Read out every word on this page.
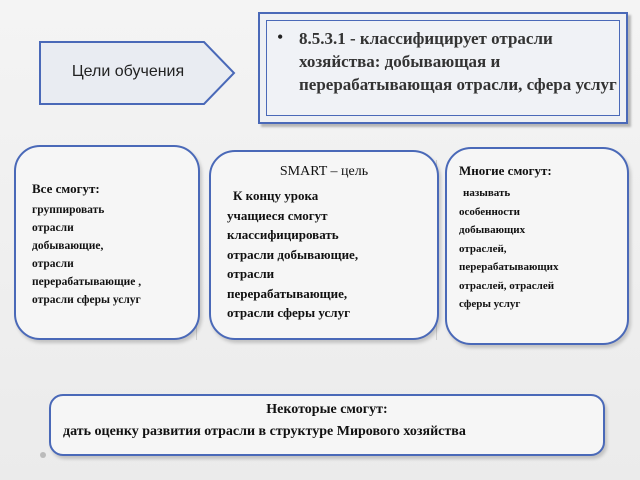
Цели обучения
• 8.5.3.1 - классифицирует отрасли хозяйства: добывающая и перерабатывающая отрасли, сфера услуг

Все смогут:

группировать
отрасли
добывающие,
отрасли
перерабатывающие ,
отрасли сферы услуг

SMART – цель

К концу урока
учащиеся смогут
классифицировать
отрасли добывающие,
отрасли
перерабатывающие,
отрасли сферы услуг

Многие смогут:

называть
особенности
добывающих
отраслей,
перерабатывающих
отраслей, отраслей
сферы услуг

Некоторые смогут:

дать оценку развития отрасли в структуре Мирового хозяйства
